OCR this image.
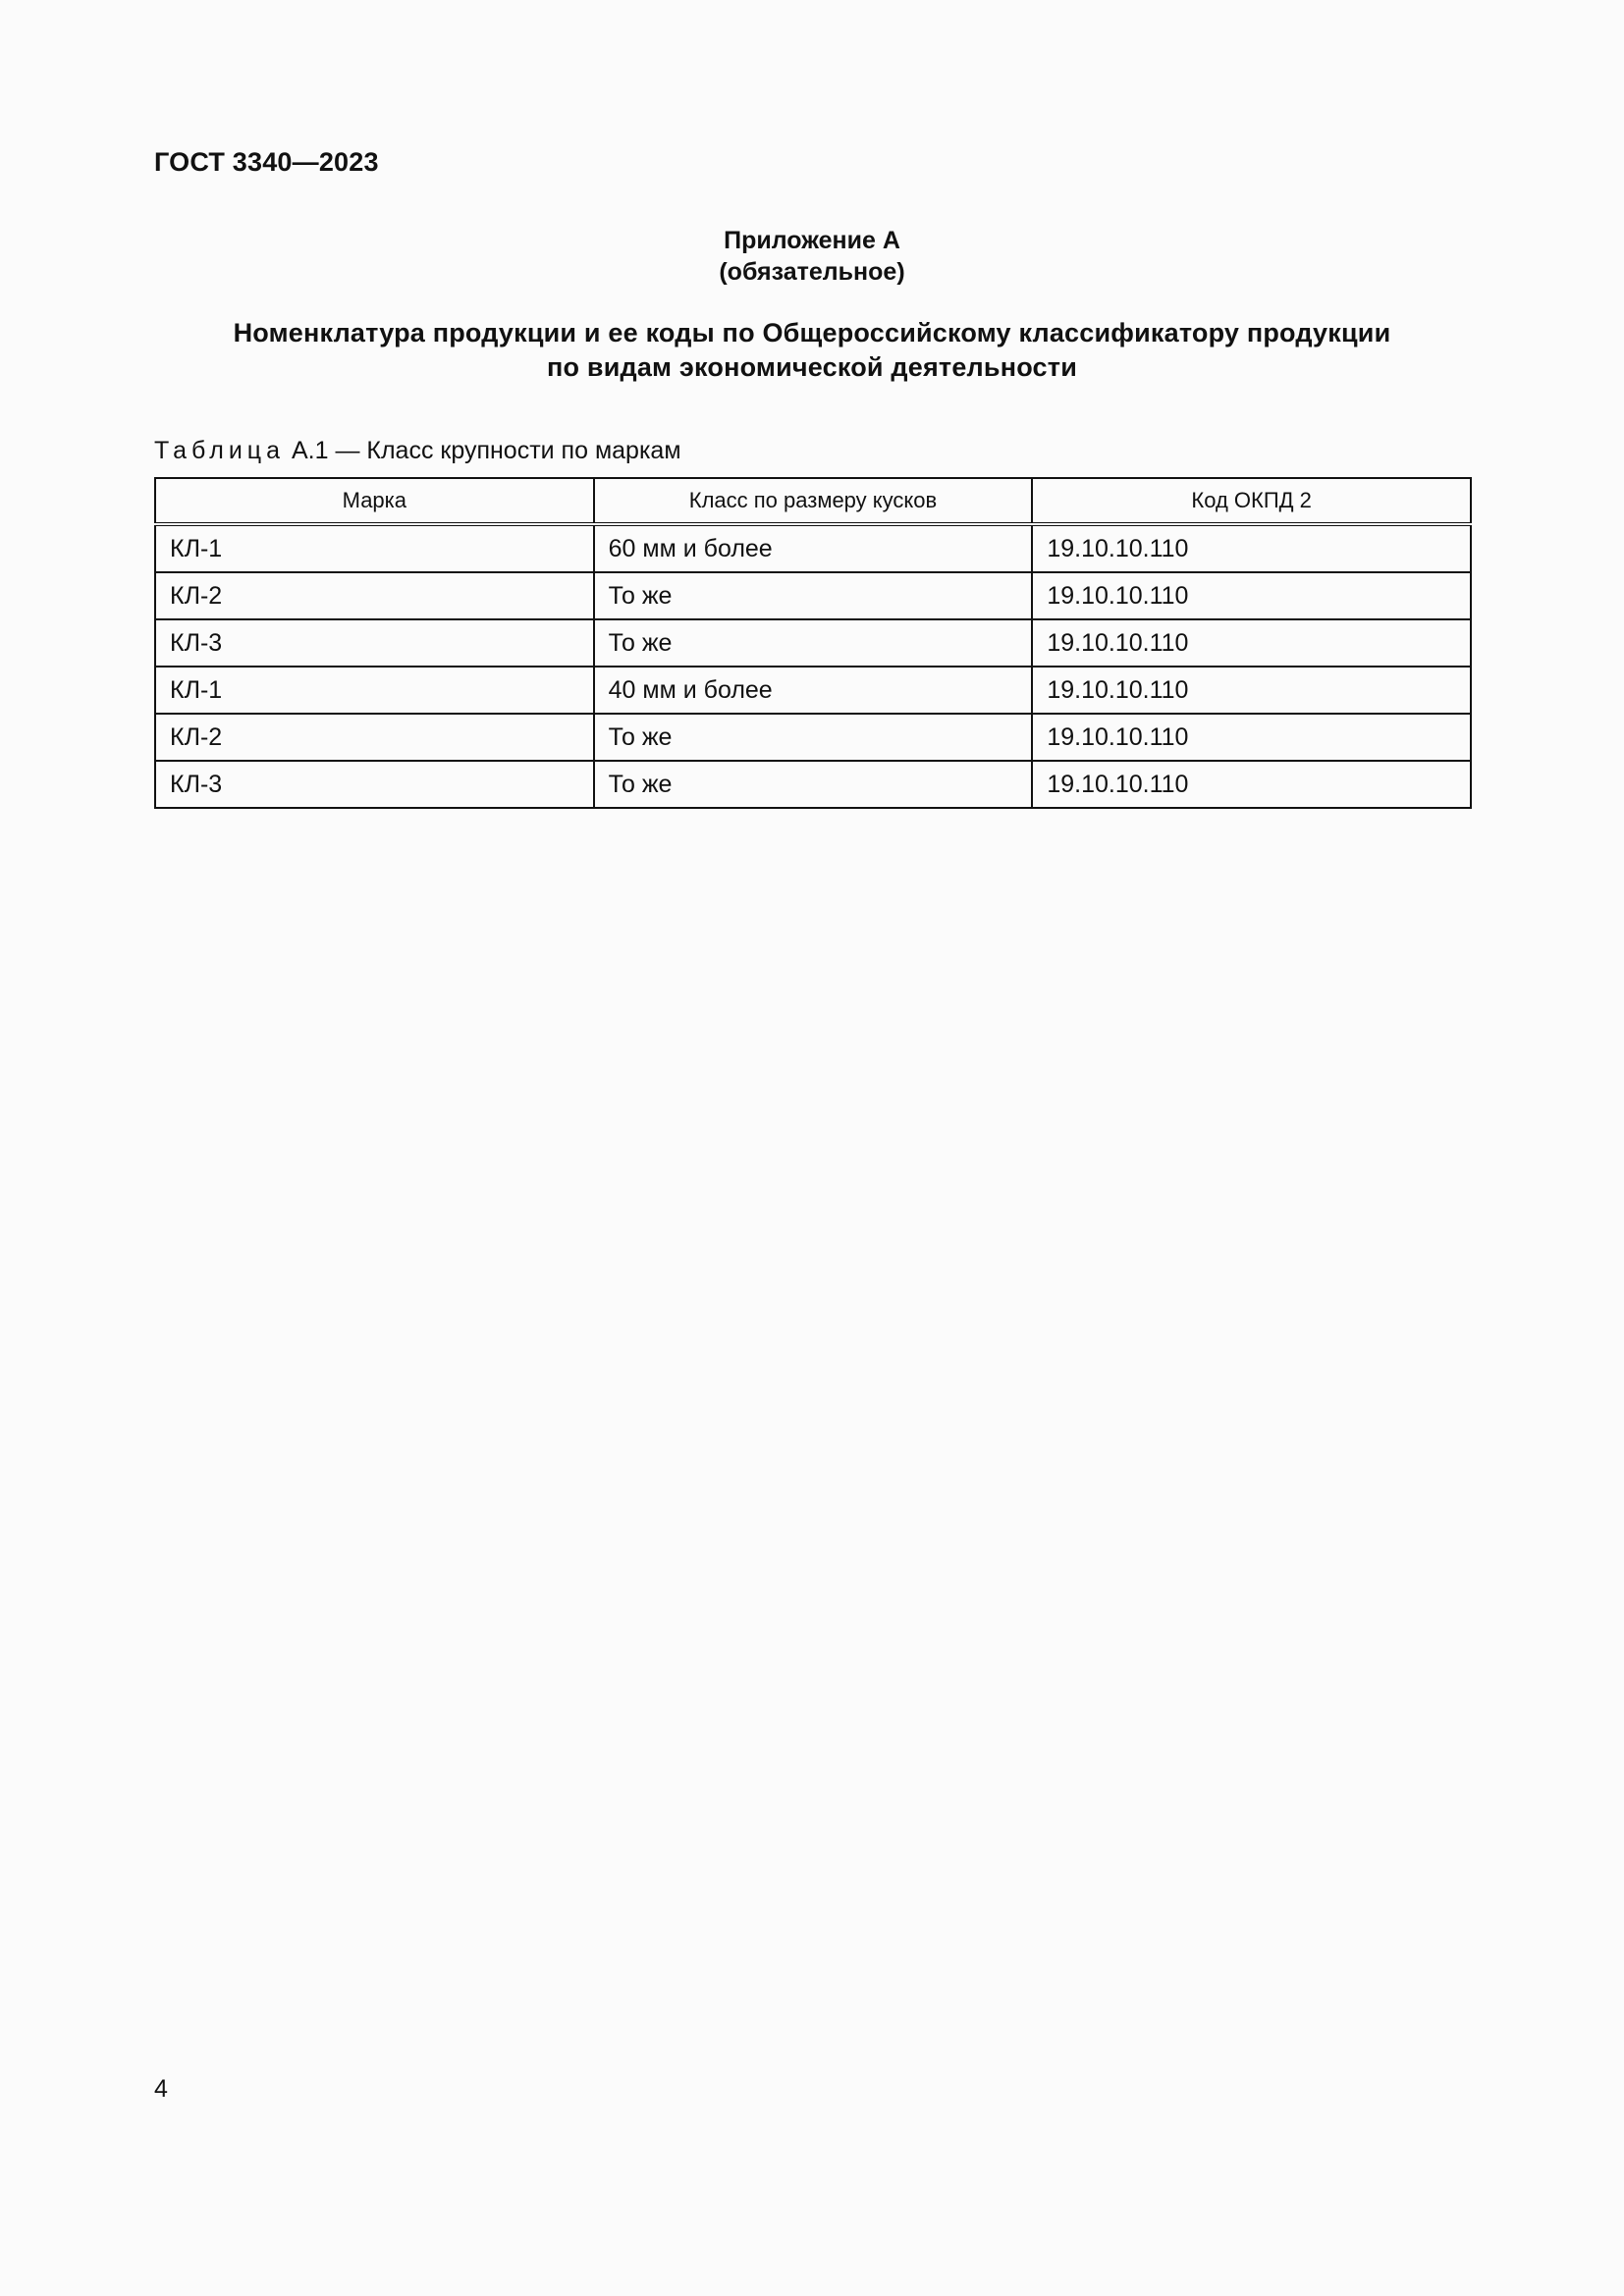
ГОСТ 3340—2023
Приложение А
(обязательное)
Номенклатура продукции и ее коды по Общероссийскому классификатору продукции
по видам экономической деятельности
Таблица А.1 — Класс крупности по маркам
Марка	Класс по размеру кусков	Код ОКПД 2
КЛ-1	60 мм и более	19.10.10.110
КЛ-2	То же	19.10.10.110
КЛ-3	То же	19.10.10.110
КЛ-1	40 мм и более	19.10.10.110
КЛ-2	То же	19.10.10.110
КЛ-3	То же	19.10.10.110
4
